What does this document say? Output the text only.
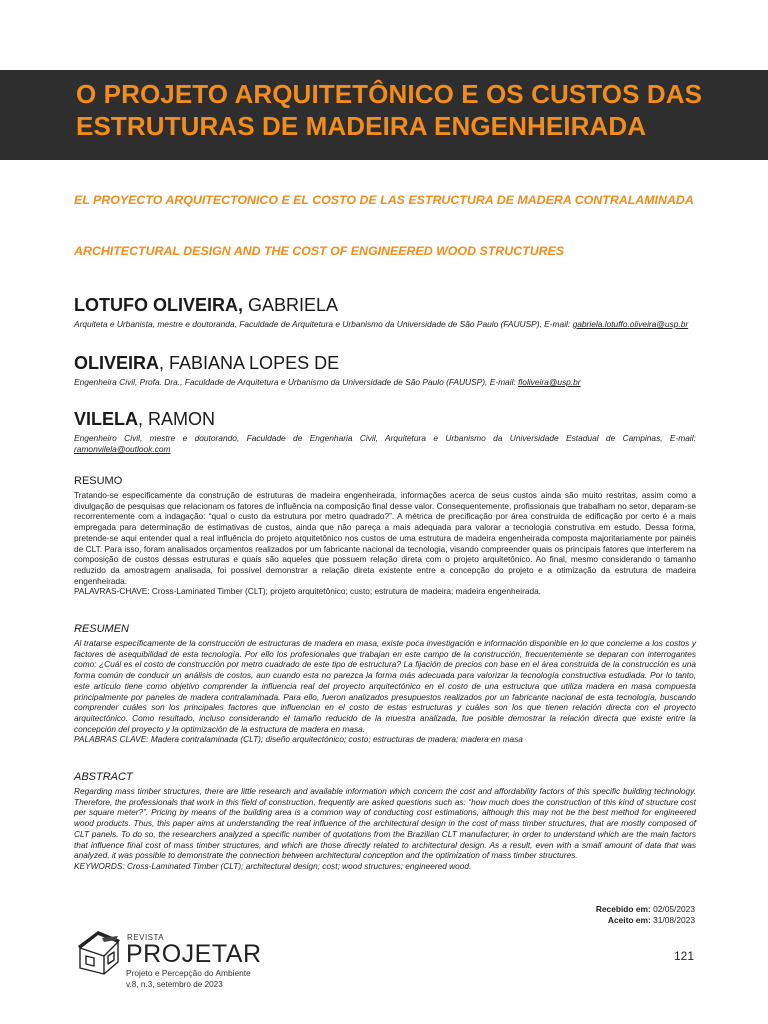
O PROJETO ARQUITETÔNICO E OS CUSTOS DAS
ESTRUTURAS DE MADEIRA ENGENHEIRADA

EL PROYECTO ARQUITECTONICO E EL COSTO DE LAS ESTRUCTURA DE MADERA CONTRALAMINADA

ARCHITECTURAL DESIGN AND THE COST OF ENGINEERED WOOD STRUCTURES

LOTUFO OLIVEIRA, GABRIELA

Arquiteta e Urbanista, mestre e doutoranda, Faculdade de Arquitetura e Urbanismo da Universidade de São Paulo (FAUUSP), E-mail: gabriela.lotuffo.oliveira@usp.br

OLIVEIRA, FABIANA LOPES DE

Engenheira Civil, Profa. Dra., Faculdade de Arquitetura e Urbanismo da Universidade de São Paulo (FAUUSP), E-mail: floliveira@usp.br

VILELA, RAMON

Engenheiro Civil, mestre e doutorando, Faculdade de Engenharia Civil, Arquitetura e Urbanismo da Universidade Estadual de Campinas, E-mail: ramonvilela@outlook.com

RESUMO

Tratando-se especificamente da construção de estruturas de madeira engenheirada, informações acerca de seus custos ainda são muito restritas, assim como a divulgação de pesquisas que relacionam os fatores de influência na composição final desse valor. Consequentemente, profissionais que trabalham no setor, deparam-se recorrentemente com a indagação: “qual o custo da estrutura por metro quadrado?”. A métrica de precificação por área construída de edificação por certo é a mais empregada para determinação de estimativas de custos, ainda que não pareça a mais adequada para valorar a tecnologia construtiva em estudo. Dessa forma, pretende-se aqui entender qual a real influência do projeto arquitetônico nos custos de uma estrutura de madeira engenheirada composta majoritariamente por painéis de CLT. Para isso, foram analisados orçamentos realizados por um fabricante nacional da tecnologia, visando compreender quais os principais fatores que interferem na composição de custos dessas estruturas e quais são aqueles que possuem relação direta com o projeto arquitetônico. Ao final, mesmo considerando o tamanho reduzido da amostragem analisada, foi possível demonstrar a relação direta existente entre a concepção do projeto e a otimização da estrutura de madeira engenheirada.

PALAVRAS-CHAVE: Cross-Laminated Timber (CLT); projeto arquitetônico; custo; estrutura de madeira; madeira engenheirada.

RESUMEN

Al tratarse específicamente de la construcción de estructuras de madera en masa, existe poca investigación e información disponible en lo que concierne a los costos y factores de asequibilidad de esta tecnología. Por ello los profesionales que trabajan en este campo de la construcción, frecuentemente se deparan con interrogantes como: ¿Cuál es el costo de construcción por metro cuadrado de este tipo de estructura? La fijación de precios con base en el área construida de la construcción es una forma común de conducir un análisis de costos, aun cuando esta no parezca la forma más adecuada para valorizar la tecnología constructiva estudiada. Por lo tanto, este artículo tiene como objetivo comprender la influencia real del proyecto arquitectónico en el costo de una estructura que utiliza madera en masa compuesta principalmente por paneles de madera contralaminada. Para ello, fueron analizados presupuestos realizados por un fabricante nacional de esta tecnología, buscando comprender cuáles son los principales factores que influencian en el costo de estas estructuras y cuáles son los que tienen relación directa con el proyecto arquitectónico. Como resultado, incluso considerando el tamaño reducido de la muestra analizada, fue posible demostrar la relación directa que existe entre la concepción del proyecto y la optimización de la estructura de madera en masa.

PALABRAS CLAVE: Madera contralaminada (CLT); diseño arquitectónico; costo; estructuras de madera; madera en masa

ABSTRACT

Regarding mass timber structures, there are little research and available information which concern the cost and affordability factors of this specific building technology. Therefore, the professionals that work in this field of construction, frequently are asked questions such as: “how much does the construction of this kind of structure cost per square meter?”. Pricing by means of the building area is a common way of conducting cost estimations, although this may not be the best method for engineered wood products. Thus, this paper aims at understanding the real influence of the architectural design in the cost of mass timber structures, that are mostly composed of CLT panels. To do so, the researchers analyzed a specific number of quotations from the Brazilian CLT manufacturer, in order to understand which are the main factors that influence final cost of mass timber structures, and which are those directly related to architectural design. As a result, even with a small amount of data that was analyzed, it was possible to demonstrate the connection between architectural conception and the optimization of mass timber structures.

KEYWORDS: Cross-Laminated Timber (CLT); architectural design; cost; wood structures; engineered wood.

Recebido em: 02/05/2023
Aceito em: 31/08/2023
REVISTA
PROJETAR
Projeto e Percepção do Ambiente
v.8, n.3, setembro de 2023
121
